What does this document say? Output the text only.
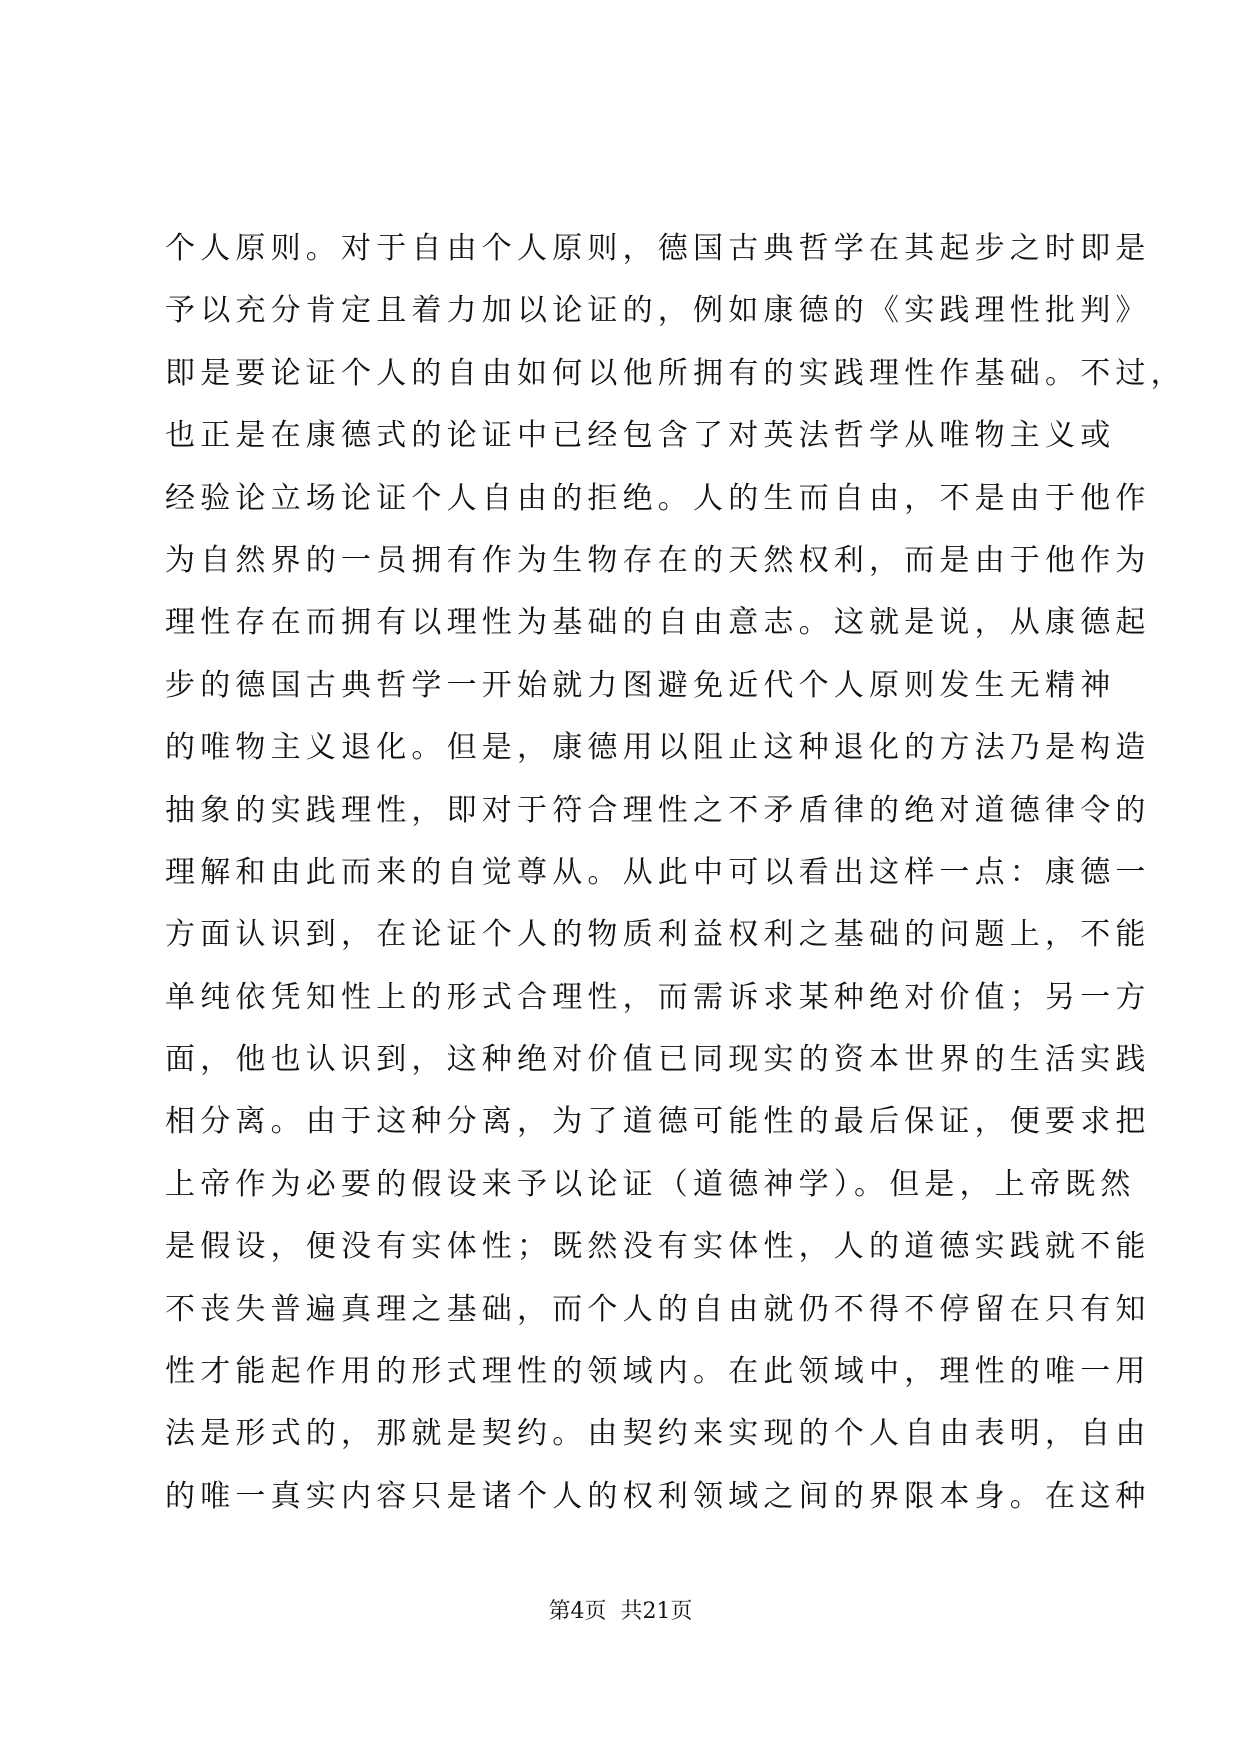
个人原则。对于自由个人原则，德国古典哲学在其起步之时即是
予以充分肯定且着力加以论证的，例如康德的《实践理性批判》
即是要论证个人的自由如何以他所拥有的实践理性作基础。不过，
也正是在康德式的论证中已经包含了对英法哲学从唯物主义或
经验论立场论证个人自由的拒绝。人的生而自由，不是由于他作
为自然界的一员拥有作为生物存在的天然权利，而是由于他作为
理性存在而拥有以理性为基础的自由意志。这就是说，从康德起
步的德国古典哲学一开始就力图避免近代个人原则发生无精神
的唯物主义退化。但是，康德用以阻止这种退化的方法乃是构造
抽象的实践理性，即对于符合理性之不矛盾律的绝对道德律令的
理解和由此而来的自觉尊从。从此中可以看出这样一点：康德一
方面认识到，在论证个人的物质利益权利之基础的问题上，不能
单纯依凭知性上的形式合理性，而需诉求某种绝对价值；另一方
面，他也认识到，这种绝对价值已同现实的资本世界的生活实践
相分离。由于这种分离，为了道德可能性的最后保证，便要求把
上帝作为必要的假设来予以论证（道德神学）。但是，上帝既然
是假设，便没有实体性；既然没有实体性，人的道德实践就不能
不丧失普遍真理之基础，而个人的自由就仍不得不停留在只有知
性才能起作用的形式理性的领域内。在此领域中，理性的唯一用
法是形式的，那就是契约。由契约来实现的个人自由表明，自由
的唯一真实内容只是诸个人的权利领域之间的界限本身。在这种
第4页 共21页
